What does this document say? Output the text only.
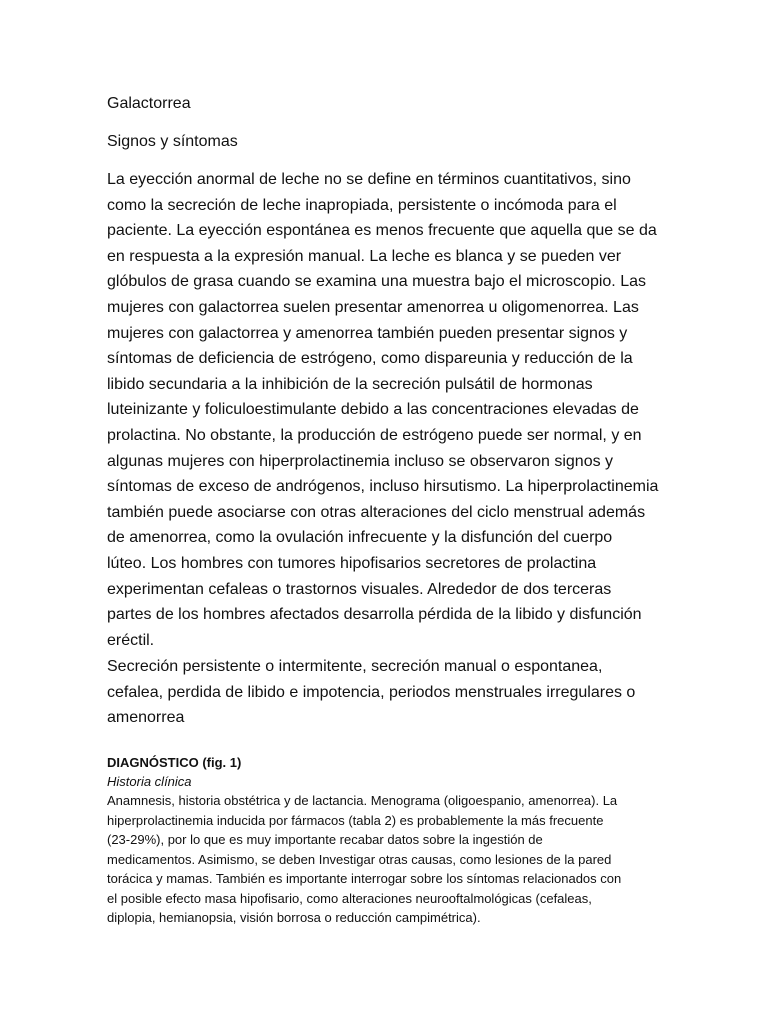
Galactorrea

Signos y síntomas

La eyección anormal de leche no se define en términos cuantitativos, sino
como la secreción de leche inapropiada, persistente o incómoda para el
paciente. La eyección espontánea es menos frecuente que aquella que se da
en respuesta a la expresión manual. La leche es blanca y se pueden ver
glóbulos de grasa cuando se examina una muestra bajo el microscopio. Las
mujeres con galactorrea suelen presentar amenorrea u oligomenorrea. Las
mujeres con galactorrea y amenorrea también pueden presentar signos y
síntomas de deficiencia de estrógeno, como dispareunia y reducción de la
libido secundaria a la inhibición de la secreción pulsátil de hormonas
luteinizante y foliculoestimulante debido a las concentraciones elevadas de
prolactina. No obstante, la producción de estrógeno puede ser normal, y en
algunas mujeres con hiperprolactinemia incluso se observaron signos y
síntomas de exceso de andrógenos, incluso hirsutismo. La hiperprolactinemia
también puede asociarse con otras alteraciones del ciclo menstrual además
de amenorrea, como la ovulación infrecuente y la disfunción del cuerpo
lúteo. Los hombres con tumores hipofisarios secretores de prolactina
experimentan cefaleas o trastornos visuales. Alrededor de dos terceras
partes de los hombres afectados desarrolla pérdida de la libido y disfunción
eréctil.

Secreción persistente o intermitente, secreción manual o espontanea,
cefalea, perdida de libido e impotencia, periodos menstruales irregulares o
amenorrea

DIAGNÓSTICO (fig. 1)

Historia clínica

Anamnesis, historia obstétrica y de lactancia. Menograma (oligoespanio, amenorrea). La
hiperprolactinemia inducida por fármacos (tabla 2) es probablemente la más frecuente
(23-29%), por lo que es muy importante recabar datos sobre la ingestión de
medicamentos. Asimismo, se deben Investigar otras causas, como lesiones de la pared
torácica y mamas. También es importante interrogar sobre los síntomas relacionados con
el posible efecto masa hipofisario, como alteraciones neurooftalmológicas (cefaleas,
diplopia, hemianopsia, visión borrosa o reducción campimétrica).
